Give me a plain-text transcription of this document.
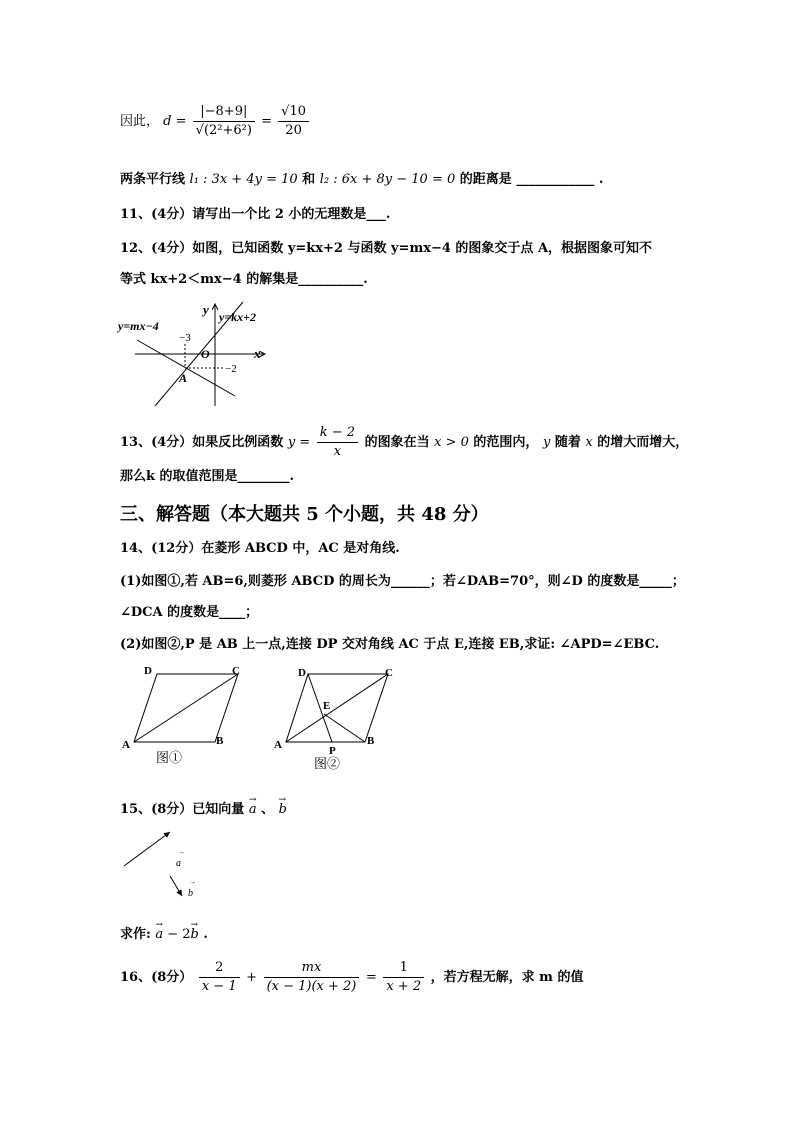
因此， $d = \frac{|-8+9|}{\text{√(2²+6²)}} = \frac{√10}{20}$
两条平行线 l₁ : 3x + 4y = 10 和 l₂ : 6x + 8y − 10 = 0 的距离是 ____________ .
11、(4分）请写出一个比 2 小的无理数是___.
12、(4分）如图，已知函数 y=kx+2 与函数 y=mx−4 的图象交于点 A，根据图象可知不
等式 kx+2＜mx−4 的解集是__________.
y=mx−4
y=kx+2
y
x
O
−3
−2
A
13、(4分）如果反比例函数 $y = \frac{k - 2}{x}$ 的图象在当 x > 0 的范围内， y 随着 x 的增大而增大，
那么k 的取值范围是________.
三、解答题（本大题共 5 个小题，共 48 分）
14、(12分）在菱形 ABCD 中，AC 是对角线.
(1)如图①,若 AB=6,则菱形 ABCD 的周长为______；若∠DAB=70°，则∠D 的度数是_____；
∠DCA 的度数是____；
(2)如图②,P 是 AB 上一点,连接 DP 交对角线 AC 于点 E,连接 EB,求证: ∠APD=∠EBC.
A	B
C
D
图①
A	B
C
D
E
P
图②
15、(8分）已知向量 → a 、 → b
a
→
b
→
求作: → a − 2→ b .
16、(8分） $\frac{2}{x - 1} + \frac{mx}{(x - 1)(x + 2)} = \frac{1}{x + 2}$ ，若方程无解，求 m 的值
